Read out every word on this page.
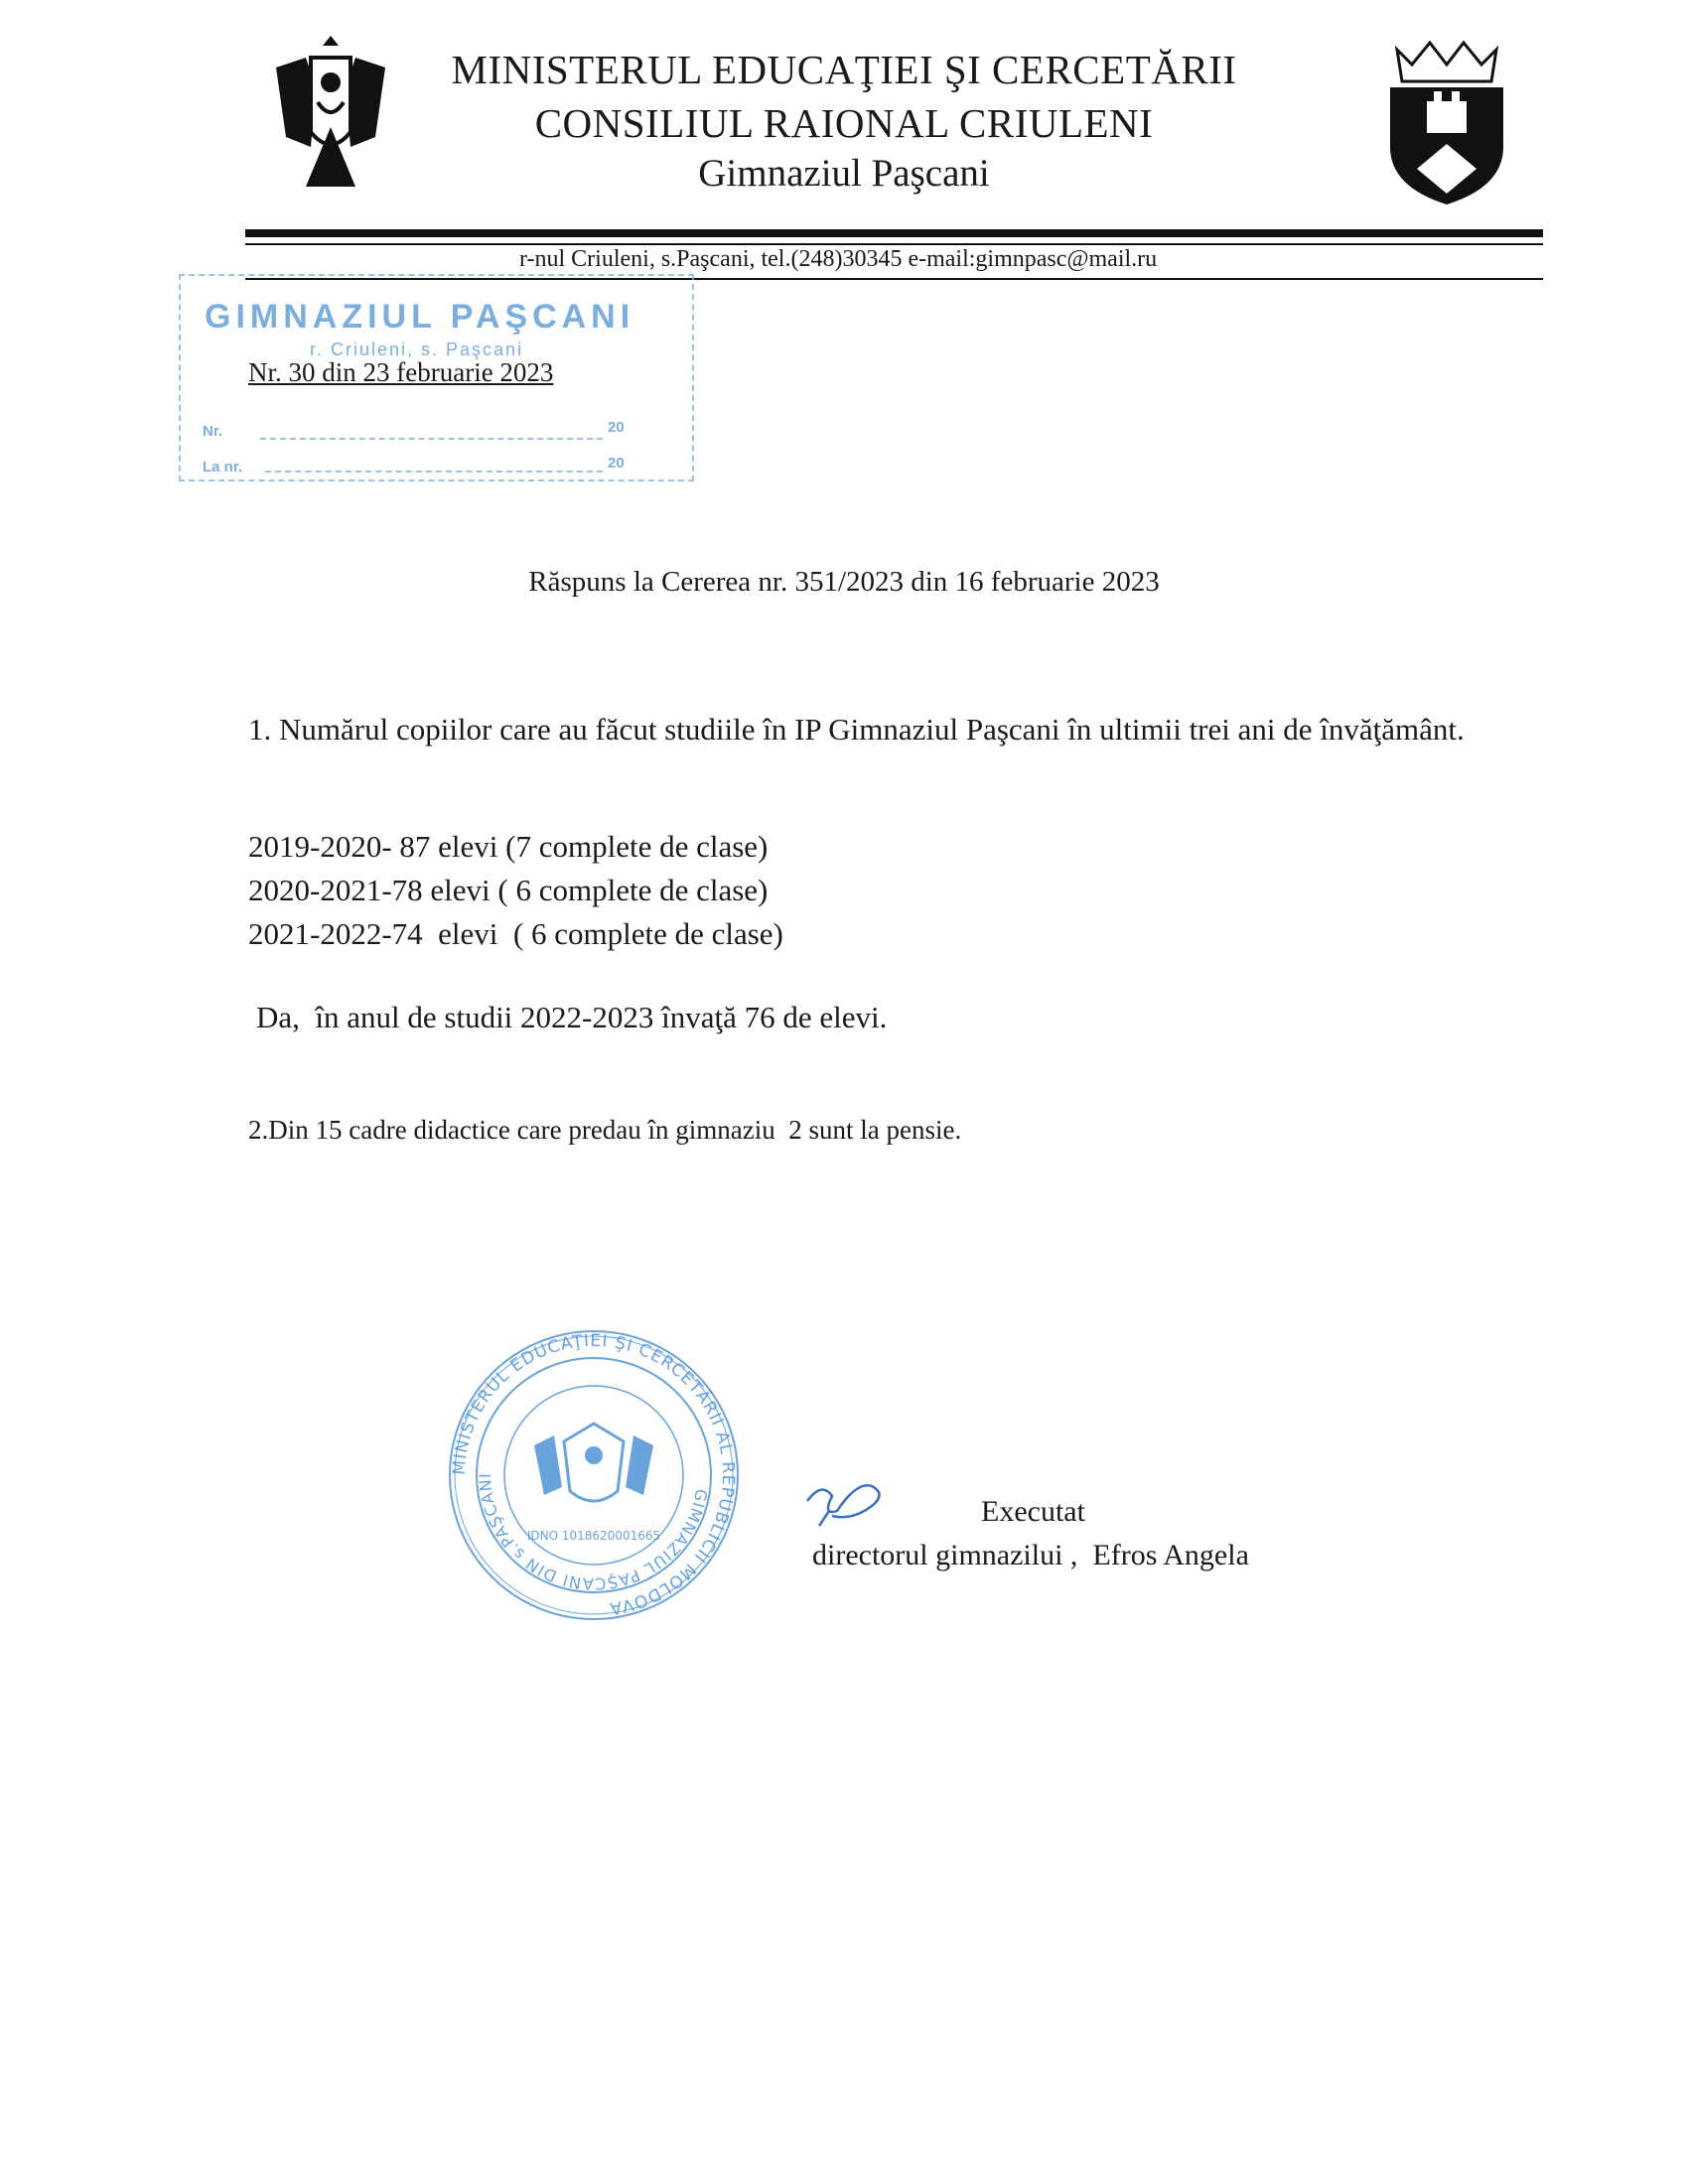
MINISTERUL EDUCAŢIEI ŞI CERCETĂRII
CONSILIUL RAIONAL CRIULENI
Gimnaziul Paşcani
r-nul Criuleni, s.Paşcani, tel.(248)30345 e-mail:gimnpasc@mail.ru
GIMNAZIUL PAŞCANI
r. Criuleni, s. Paşcani
Nr.	20
La nr.	20
Nr. 30 din 23 februarie 2023
Răspuns la Cererea nr. 351/2023 din 16 februarie 2023
1. Numărul copiilor care au făcut studiile în IP Gimnaziul Paşcani în ultimii trei ani de învăţământ.
2019-2020- 87 elevi (7 complete de clase)
2020-2021-78 elevi ( 6 complete de clase)
2021-2022-74  elevi  ( 6 complete de clase)
Da,  în anul de studii 2022-2023 învaţă 76 de elevi.
2.Din 15 cadre didactice care predau în gimnaziu  2 sunt la pensie.
MINISTERUL EDUCAŢIEI ŞI CERCETĂRII AL REPUBLICII MOLDOVA
GIMNAZIUL PAŞCANI DIN s.PAŞCANI
IDNO 1018620001665
Executat
directorul gimnazilui ,  Efros Angela
